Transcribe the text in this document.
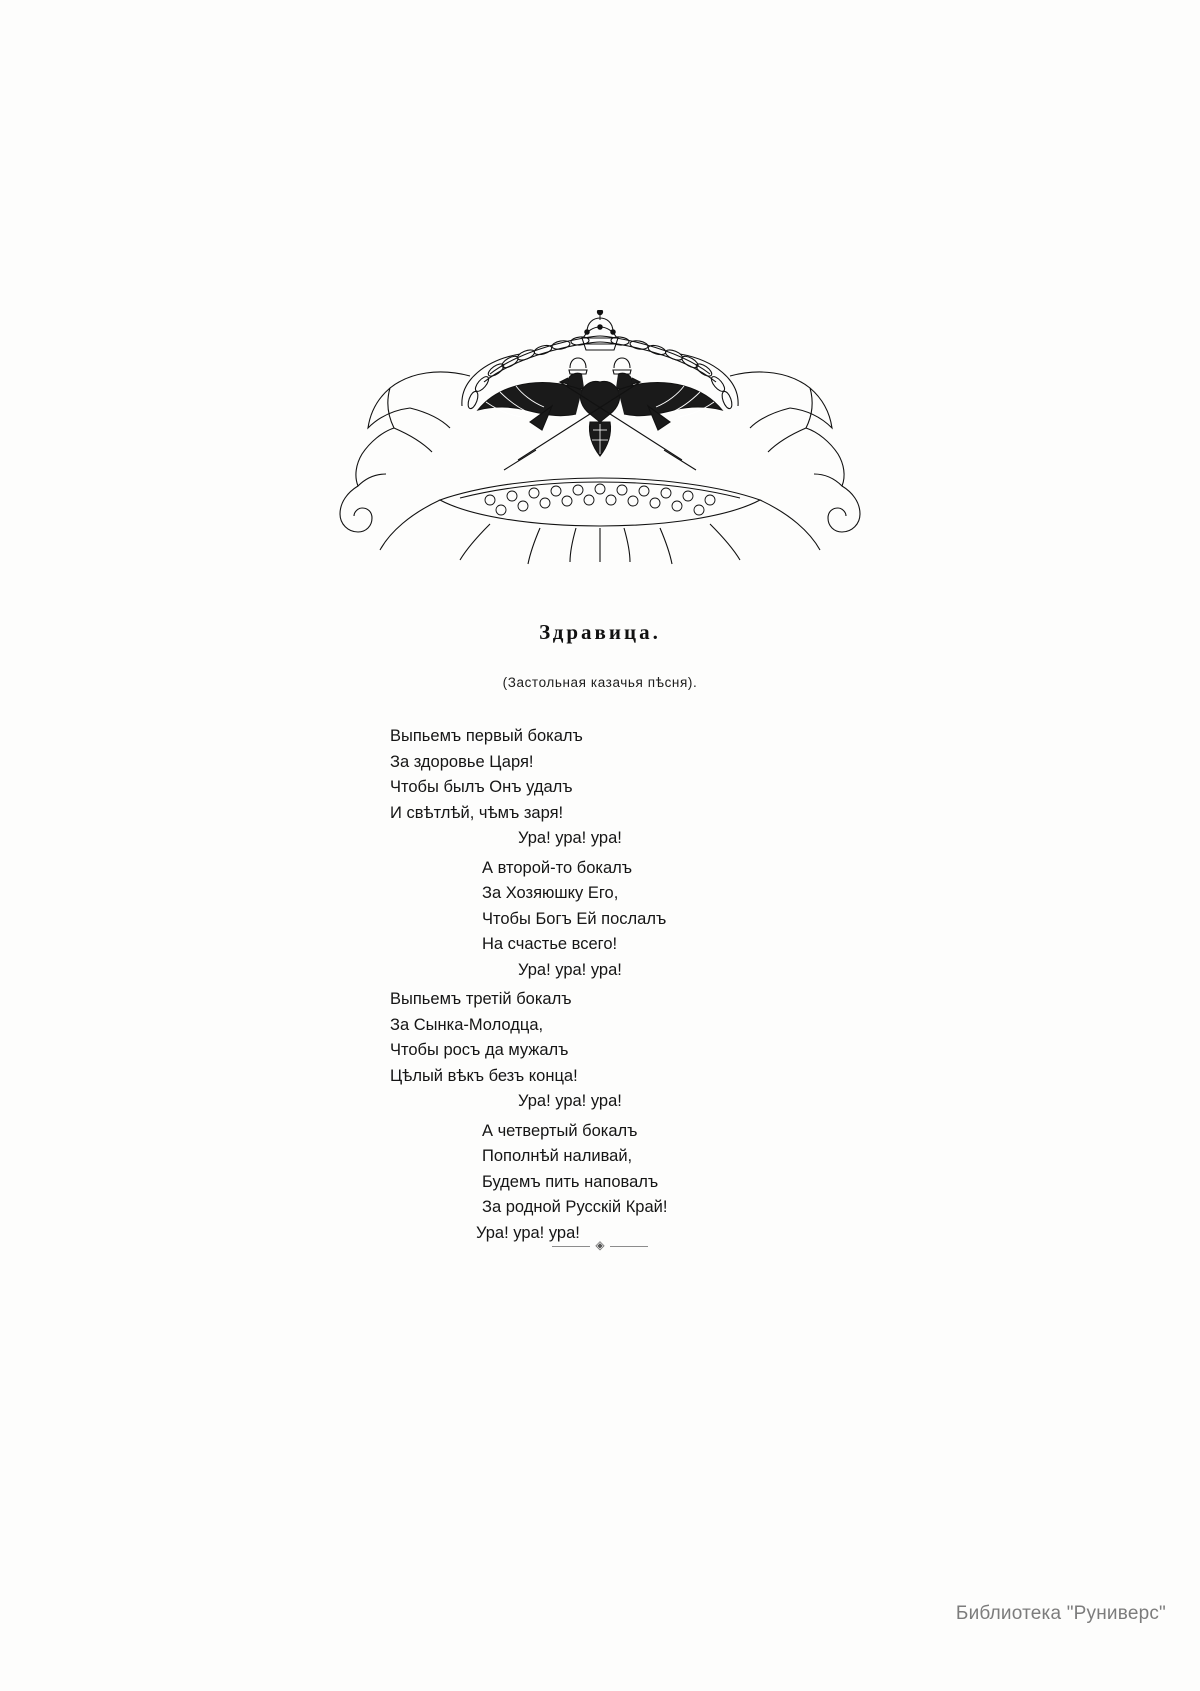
Здравица.
(Застольная казачья пѣсня).
Выпьемъ первый бокалъ
За здоровье Царя!
Чтобы былъ Онъ удалъ
И свѣтлѣй, чѣмъ заря!
Ура! ура! ура!
А второй-то бокалъ
За Хозяюшку Его,
Чтобы Богъ Ей послалъ
На счастье всего!
Ура! ура! ура!
Выпьемъ третій бокалъ
За Сынка-Молодца,
Чтобы росъ да мужалъ
Цѣлый вѣкъ безъ конца!
Ура! ура! ура!
А четвертый бокалъ
Пополнѣй наливай,
Будемъ пить наповалъ
За родной Русскій Край!
Ура! ура! ура!
◈
Библиотека "Руниверс"
